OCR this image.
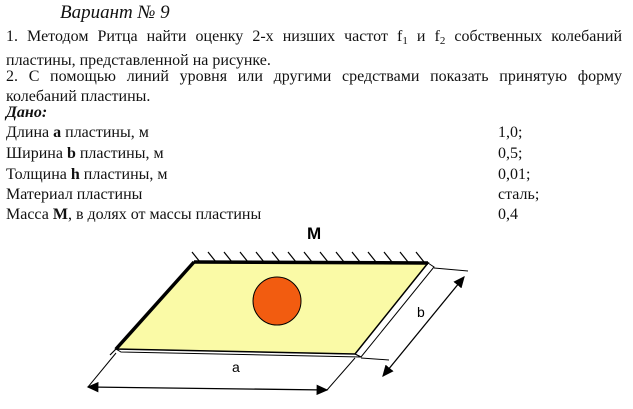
Вариант № 9
1. Методом Ритца найти оценку 2-х низших частот f1 и f2 собственных колебаний пластины, представленной на рисунке.
2. С помощью линий уровня или другими средствами показать принятую форму колебаний пластины.
Дано:
Длина a пластины, м	1,0;
Ширина b пластины, м	0,5;
Толщина h пластины, м	0,01;
Материал пластины	сталь;
Масса М, в долях от массы пластины	0,4
M
b
a
